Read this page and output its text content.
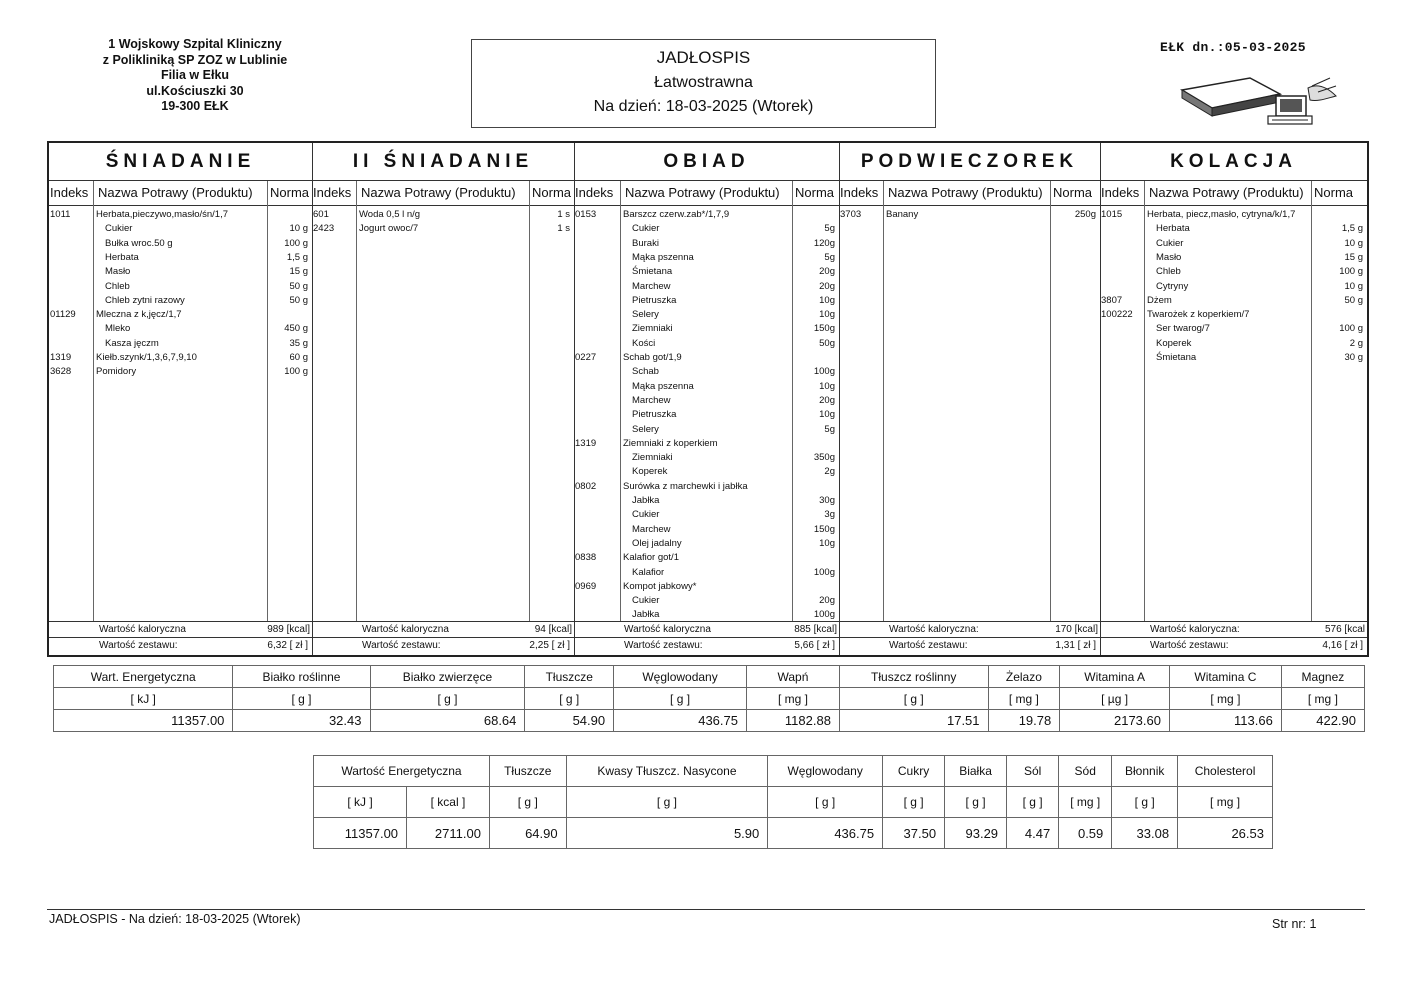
1 Wojskowy Szpital Kliniczny
z Polikliniką SP ZOZ w Lublinie
Filia w Ełku
ul.Kościuszki 30
19-300 EŁK
JADŁOSPIS
Łatwostrawna
Na dzień: 18-03-2025 (Wtorek)
EŁK dn.:05-03-2025
ŚNIADANIE
Indeks Nazwa Potrawy (Produktu) Norma
1011	Herbata,pieczywo,masło/śn/1,7
Cukier	10 g
Bułka wroc.50 g	100 g
Herbata	1,5 g
Masło	15 g
Chleb	50 g
Chleb zytni razowy	50 g
01129 Mleczna z k,jęcz/1,7
Mleko	450 g
Kasza jęczm	35 g
1319	Kiełb.szynk/1,3,6,7,9,10	60 g
3628	Pomidory	100 g
Wartość kaloryczna	989 [kcal]
Wartość zestawu:	6,32 [ zł ]
II ŚNIADANIE
Indeks Nazwa Potrawy (Produktu) Norma
601	Woda 0,5 l n/g	1 s
2423	Jogurt owoc/7	1 s
Wartość kaloryczna	94 [kcal]
Wartość zestawu:	2,25 [ zł ]
OBIAD
Indeks Nazwa Potrawy (Produktu) Norma
0153	Barszcz czerw.zab*/1,7,9
Cukier	5g
Buraki	120g
Mąka pszenna	5g
Śmietana	20g
Marchew	20g
Pietruszka	10g
Selery	10g
Ziemniaki	150g
Kości	50g
0227	Schab got/1,9
Schab	100g
Mąka pszenna	10g
Marchew	20g
Pietruszka	10g
Selery	5g
1319	Ziemniaki z koperkiem
Ziemniaki	350g
Koperek	2g
0802	Surówka z marchewki i jabłka
Jabłka	30g
Cukier	3g
Marchew	150g
Olej jadalny	10g
0838	Kalafior got/1
Kalafior	100g
0969	Kompot jabkowy*
Cukier	20g
Jabłka	100g
Wartość kaloryczna	885 [kcal]
Wartość zestawu:	5,66 [ zł ]
PODWIECZOREK
Indeks Nazwa Potrawy (Produktu) Norma
3703	Banany	250g
Wartość kaloryczna:	170 [kcal]
Wartość zestawu:	1,31 [ zł ]
KOLACJA
Indeks Nazwa Potrawy (Produktu) Norma
1015	Herbata, piecz,masło, cytryna/k/1,7
Herbata	1,5 g
Cukier	10 g
Masło	15 g
Chleb	100 g
Cytryny	10 g
3807	Dżem	50 g
100222 Twarożek z koperkiem/7
Ser twarog/7	100 g
Koperek	2 g
Śmietana	30 g
Wartość kaloryczna:	576 [kcal
Wartość zestawu:	4,16 [ zł ]
Wart. Energetyczna	Białko roślinne	Białko zwierzęce	Tłuszcze	Węglowodany	Wapń	Tłuszcz roślinny	Żelazo	Witamina A	Witamina C	Magnez
[ kJ ]	[ g ]	[ g ]	[ g ]	[ g ]	[ mg ]	[ g ]	[ mg ]	[ µg ]	[ mg ]	[ mg ]
11357.00	32.43	68.64	54.90	436.75	1182.88	17.51	19.78	2173.60	113.66	422.90
Wartość Energetyczna		Tłuszcze	Kwasy Tłuszcz. Nasycone	Węglowodany	Cukry	Białka	Sól	Sód	Błonnik	Cholesterol
[ kJ ]	[ kcal ]	[ g ]	[ g ]	[ g ]	[ g ]	[ g ]	[ g ]	[ mg ]	[ g ]	[ mg ]
11357.00	2711.00	64.90	5.90	436.75	37.50	93.29	4.47	0.59	33.08	26.53
JADŁOSPIS - Na dzień: 18-03-2025 (Wtorek)	Str nr: 1
